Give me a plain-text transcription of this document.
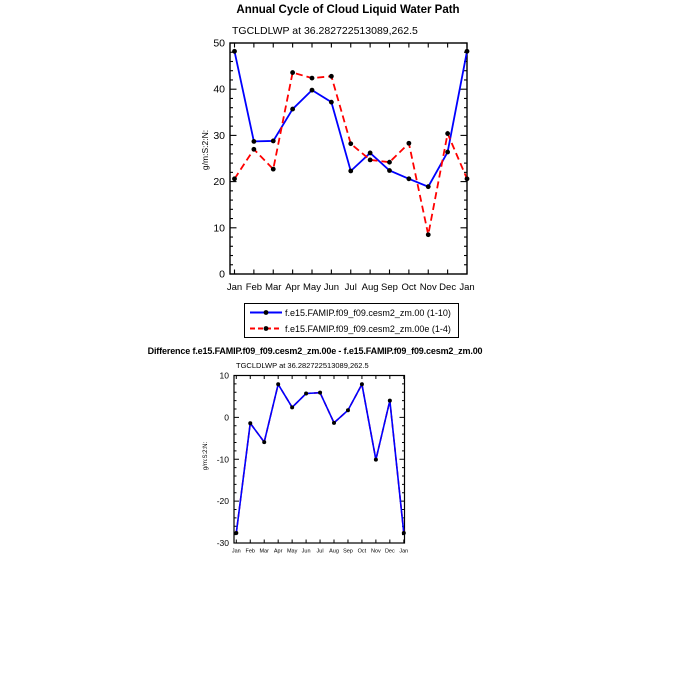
Jan Feb Mar Apr May Jun Jul Aug Sep Oct Nov Dec Jan
0
10
20
30
40
50
Jan Feb Mar Apr May Jun Jul Aug Sep Oct Nov Dec Jan
-30
-20
-10
0
10
Annual Cycle of Cloud Liquid Water Path
TGCLDLWP at 36.282722513089,262.5
g/m:S:2:N:
f.e15.FAMIP.f09_f09.cesm2_zm.00 (1-10)
f.e15.FAMIP.f09_f09.cesm2_zm.00e (1-4)
Difference f.e15.FAMIP.f09_f09.cesm2_zm.00e - f.e15.FAMIP.f09_f09.cesm2_zm.00
TGCLDLWP at 36.282722513089,262.5
g/m:S:2:N:
